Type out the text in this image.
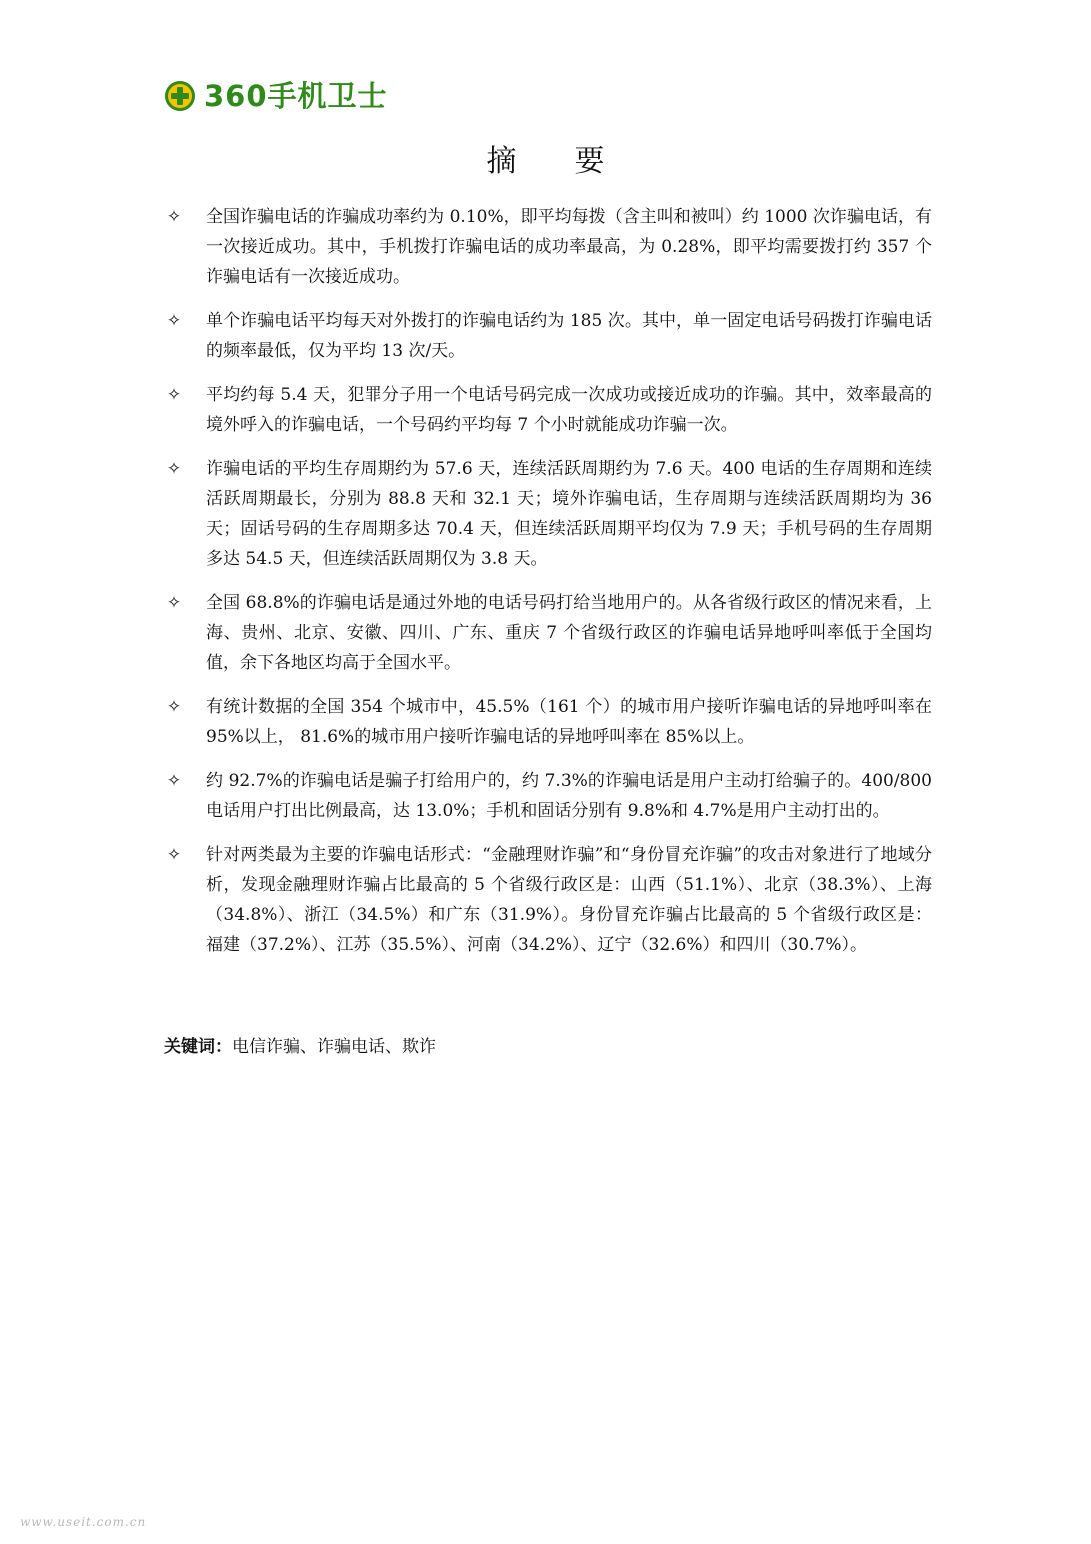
360手机卫士
摘 要
✧ 全国诈骗电话的诈骗成功率约为 0.10%，即平均每拨（含主叫和被叫）约 1000 次诈骗电话，有一次接近成功。其中，手机拨打诈骗电话的成功率最高，为 0.28%，即平均需要拨打约 357 个诈骗电话有一次接近成功。
✧ 单个诈骗电话平均每天对外拨打的诈骗电话约为 185 次。其中，单一固定电话号码拨打诈骗电话的频率最低，仅为平均 13 次/天。
✧ 平均约每 5.4 天，犯罪分子用一个电话号码完成一次成功或接近成功的诈骗。其中，效率最高的境外呼入的诈骗电话，一个号码约平均每 7 个小时就能成功诈骗一次。
✧ 诈骗电话的平均生存周期约为 57.6 天，连续活跃周期约为 7.6 天。400 电话的生存周期和连续活跃周期最长，分别为 88.8 天和 32.1 天；境外诈骗电话，生存周期与连续活跃周期均为 36 天；固话号码的生存周期多达 70.4 天，但连续活跃周期平均仅为 7.9 天；手机号码的生存周期多达 54.5 天，但连续活跃周期仅为 3.8 天。
✧ 全国 68.8%的诈骗电话是通过外地的电话号码打给当地用户的。从各省级行政区的情况来看，上海、贵州、北京、安徽、四川、广东、重庆 7 个省级行政区的诈骗电话异地呼叫率低于全国均值，余下各地区均高于全国水平。
✧ 有统计数据的全国 354 个城市中，45.5%（161 个）的城市用户接听诈骗电话的异地呼叫率在 95%以上， 81.6%的城市用户接听诈骗电话的异地呼叫率在 85%以上。
✧ 约 92.7%的诈骗电话是骗子打给用户的，约 7.3%的诈骗电话是用户主动打给骗子的。400/800 电话用户打出比例最高，达 13.0%；手机和固话分别有 9.8%和 4.7%是用户主动打出的。
✧ 针对两类最为主要的诈骗电话形式：“金融理财诈骗”和“身份冒充诈骗”的攻击对象进行了地域分析，发现金融理财诈骗占比最高的 5 个省级行政区是：山西（51.1%）、北京（38.3%）、上海（34.8%）、浙江（34.5%）和广东（31.9%）。身份冒充诈骗占比最高的 5 个省级行政区是：福建（37.2%）、江苏（35.5%）、河南（34.2%）、辽宁（32.6%）和四川（30.7%）。
关键词：电信诈骗、诈骗电话、欺诈
www.useit.com.cn
